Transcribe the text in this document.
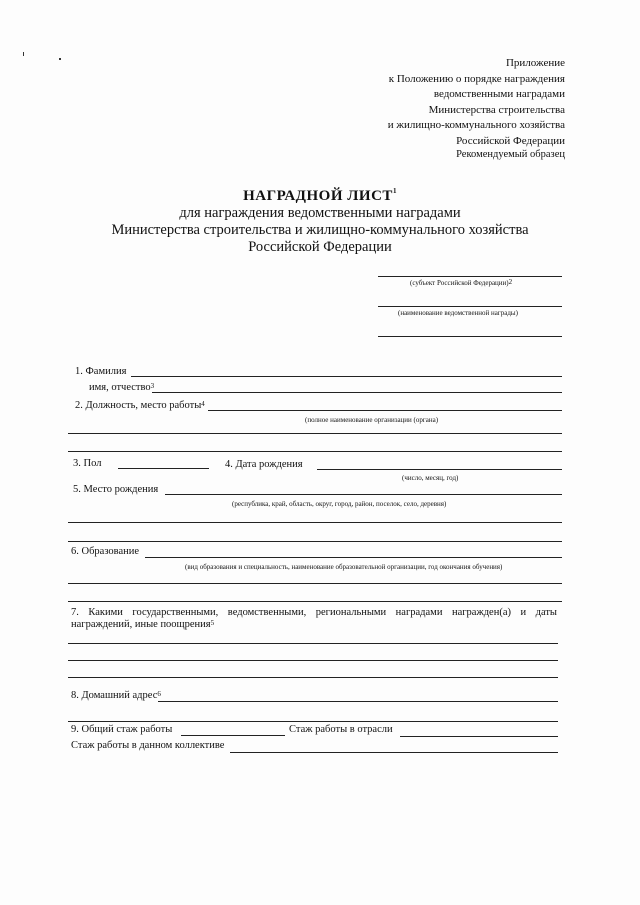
Приложение
к Положению о порядке награждения
ведомственными наградами
Министерства строительства
и жилищно-коммунального хозяйства
Российской Федерации
Рекомендуемый образец
НАГРАДНОЙ ЛИСТ$^1$
для награждения ведомственными наградами
Министерства строительства и жилищно-коммунального хозяйства
Российской Федерации
(субъект Российской Федерации)$^2$
(наименование ведомственной награды)
1. Фамилия
имя, отчество$^3$
2. Должность, место работы$^4$
(полное наименование организации (органа)
3. Пол	4. Дата рождения
(число, месяц, год)
5. Место рождения
(республика, край, область, округ, город, район, поселок, село, деревня)
6. Образование
(вид образования и специальность, наименование образовательной организации, год окончания обучения)
7. Какими государственными, ведомственными, региональными наградами награжден(а) и даты
награждений, иные поощрения$^5$
8. Домашний адрес$^6$
9. Общий стаж работы	Стаж работы в отрасли
Стаж работы в данном коллективе
